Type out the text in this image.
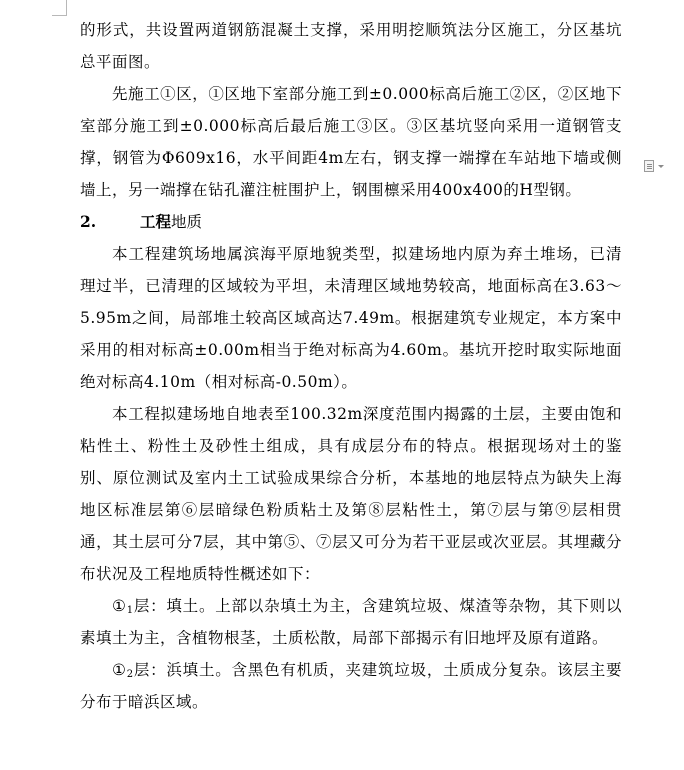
的形式，共设置两道钢筋混凝土支撑，采用明挖顺筑法分区施工，分区基坑总平面图。

先施工①区，①区地下室部分施工到±0.000标高后施工②区，②区地下室部分施工到±0.000标高后最后施工③区。③区基坑竖向采用一道钢管支撑，钢管为Φ609x16，水平间距4m左右，钢支撑一端撑在车站地下墙或侧墙上，另一端撑在钻孔灌注桩围护上，钢围檩采用400x400的H型钢。

2.	工程地质

本工程建筑场地属滨海平原地貌类型，拟建场地内原为弃土堆场，已清理过半，已清理的区域较为平坦，未清理区域地势较高，地面标高在3.63～5.95m之间，局部堆土较高区域高达7.49m。根据建筑专业规定，本方案中采用的相对标高±0.00m相当于绝对标高为4.60m。基坑开挖时取实际地面绝对标高4.10m（相对标高-0.50m）。

本工程拟建场地自地表至100.32m深度范围内揭露的土层，主要由饱和粘性土、粉性土及砂性土组成，具有成层分布的特点。根据现场对土的鉴别、原位测试及室内土工试验成果综合分析，本基地的地层特点为缺失上海地区标准层第⑥层暗绿色粉质粘土及第⑧层粘性土，第⑦层与第⑨层相贯通，其土层可分7层，其中第⑤、⑦层又可分为若干亚层或次亚层。其埋藏分布状况及工程地质特性概述如下：

$①_1$层：填土。上部以杂填土为主，含建筑垃圾、煤渣等杂物，其下则以素填土为主，含植物根茎，土质松散，局部下部揭示有旧地坪及原有道路。

$①_2$层：浜填土。含黑色有机质，夹建筑垃圾，土质成分复杂。该层主要分布于暗浜区域。
